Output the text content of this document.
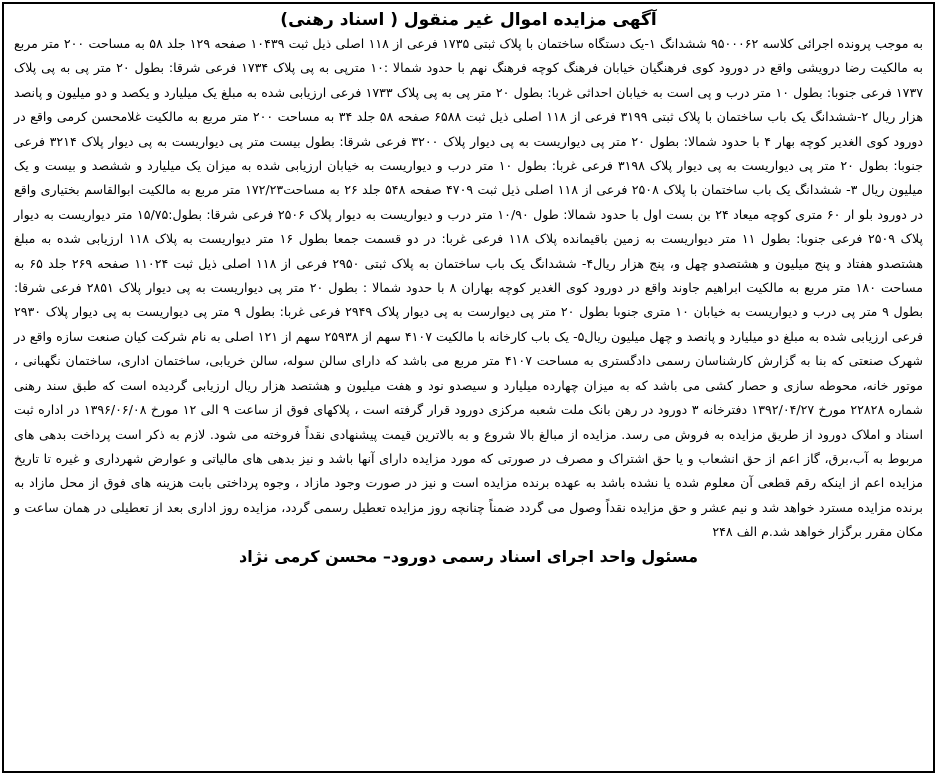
آگهی مزایده اموال غیر منقول ( اسناد رهنی)

به موجب پرونده اجرائی کلاسه ۹۵۰۰۰۶۲ ششدانگ ۱-یک دستگاه ساختمان با پلاک ثبتی ۱۷۳۵ فرعی از ۱۱۸ اصلی ذیل ثبت ۱۰۴۳۹ صفحه ۱۲۹ جلد ۵۸ به مساحت ۲۰۰ متر مربع به مالکیت رضا درویشی واقع در دورود کوی فرهنگیان خیابان فرهنگ کوچه فرهنگ نهم با حدود شمالا :۱۰ مترپی به پی پلاک ۱۷۳۴ فرعی شرقا: بطول ۲۰ متر پی به پی پلاک ۱۷۳۷ فرعی جنوبا: بطول ۱۰ متر درب و پی است به خیابان احداثی غربا: بطول ۲۰ متر پی به پی پلاک ۱۷۳۳ فرعی ارزیابی شده به مبلغ یک میلیارد و یکصد و دو میلیون و پانصد هزار ریال ۲-ششدانگ یک باب ساختمان با پلاک ثبتی ۳۱۹۹ فرعی از ۱۱۸ اصلی ذیل ثبت ۶۵۸۸ صفحه ۵۸ جلد ۳۴ به مساحت ۲۰۰ متر مربع به مالکیت غلامحسن کرمی واقع در دورود کوی الغدیر کوچه بهار ۴ با حدود شمالا: بطول ۲۰ متر پی دیواریست به پی دیوار پلاک ۳۲۰۰ فرعی شرقا: بطول بیست متر پی دیواریست به پی دیوار پلاک ۳۲۱۴ فرعی جنوبا: بطول ۲۰ متر پی دیواریست به پی دیوار پلاک ۳۱۹۸ فرعی غربا: بطول ۱۰ متر درب و دیواریست به خیابان ارزیابی شده به میزان یک میلیارد و ششصد و بیست و یک میلیون ریال ۳- ششدانگ یک باب ساختمان با پلاک ۲۵۰۸ فرعی از ۱۱۸ اصلی ذیل ثبت ۴۷۰۹ صفحه ۵۴۸ جلد ۲۶ به مساحت۱۷۲/۲۳ متر مربع به مالکیت ابوالقاسم بختیاری واقع در دورود بلو ار ۶۰ متری کوچه میعاد ۲۴ بن بست اول با حدود شمالا: طول ۱۰/۹۰ متر درب و دیواریست به دیوار پلاک ۲۵۰۶ فرعی شرقا: بطول:۱۵/۷۵ متر دیواریست به دیوار پلاک ۲۵۰۹ فرعی جنوبا: بطول ۱۱ متر دیواریست به زمین باقیمانده پلاک ۱۱۸ فرعی غربا: در دو قسمت جمعا بطول ۱۶ متر دیواریست به پلاک ۱۱۸ ارزیابی شده به مبلغ هشتصدو هفتاد و پنج میلیون و هشتصدو چهل و، پنج هزار ریال۴- ششدانگ یک باب ساختمان به پلاک ثبتی ۲۹۵۰ فرعی از ۱۱۸ اصلی ذیل ثبت ۱۱۰۲۴ صفحه ۲۶۹ جلد ۶۵ به مساحت ۱۸۰ متر مربع به مالکیت ابراهیم جاوند واقع در دورود کوی الغدیر کوچه بهاران ۸ با حدود شمالا : بطول ۲۰ متر پی دیواریست به پی دیوار پلاک ۲۸۵۱ فرعی شرقا: بطول ۹ متر پی درب و دیواریست به خیابان ۱۰ متری جنوبا بطول ۲۰ متر پی دیوارست به پی دیوار پلاک ۲۹۴۹ فرعی غربا: بطول ۹ متر پی دیواریست به پی دیوار پلاک ۲۹۳۰ فرعی ارزیابی شده به مبلغ دو میلیارد و پانصد و چهل میلیون ریال۵- یک باب کارخانه با مالکیت ۴۱۰۷ سهم از ۲۵۹۳۸ سهم از ۱۲۱ اصلی به نام شرکت کیان صنعت سازه واقع در شهرک صنعتی که بنا به گزارش کارشناسان رسمی دادگستری به مساحت ۴۱۰۷ متر مربع می باشد که دارای سالن سوله، سالن خریابی، ساختمان اداری، ساختمان نگهبانی ، موتور خانه، محوطه سازی و حصار کشی می باشد که به میزان چهارده میلیارد و سیصدو نود و هفت میلیون و هشتصد هزار ریال ارزیابی گردیده است که طبق سند رهنی شماره ۲۲۸۲۸ مورخ ۱۳۹۲/۰۴/۲۷ دفترخانه ۳ دورود در رهن بانک ملت شعبه مرکزی دورود قرار گرفته است ، پلاکهای فوق از ساعت ۹ الی ۱۲ مورخ ۱۳۹۶/۰۶/۰۸ در اداره ثبت اسناد و املاک دورود از طریق مزایده به فروش می رسد. مزایده از مبالغ بالا شروع و به بالاترین قیمت پیشنهادی نقداً فروخته می شود. لازم به ذکر است پرداخت بدهی های مربوط به آب،برق، گاز اعم از حق انشعاب و یا حق اشتراک و مصرف در صورتی که مورد مزایده دارای آنها باشد و نیز بدهی های مالیاتی و عوارض شهرداری و غیره تا تاریخ مزایده اعم از اینکه رقم قطعی آن معلوم شده یا نشده باشد به عهده برنده مزایده است و نیز در صورت وجود مازاد ، وجوه پرداختی بابت هزینه های فوق از محل مازاد به برنده مزایده مسترد خواهد شد و نیم عشر و حق مزایده نقداً وصول می گردد ضمناً چنانچه روز مزایده تعطیل رسمی گردد، مزایده روز اداری بعد از تعطیلی در همان ساعت و مکان مقرر برگزار خواهد شد.م الف ۲۴۸

مسئول واحد اجرای اسناد رسمی دورود– محسن کرمی نژاد
